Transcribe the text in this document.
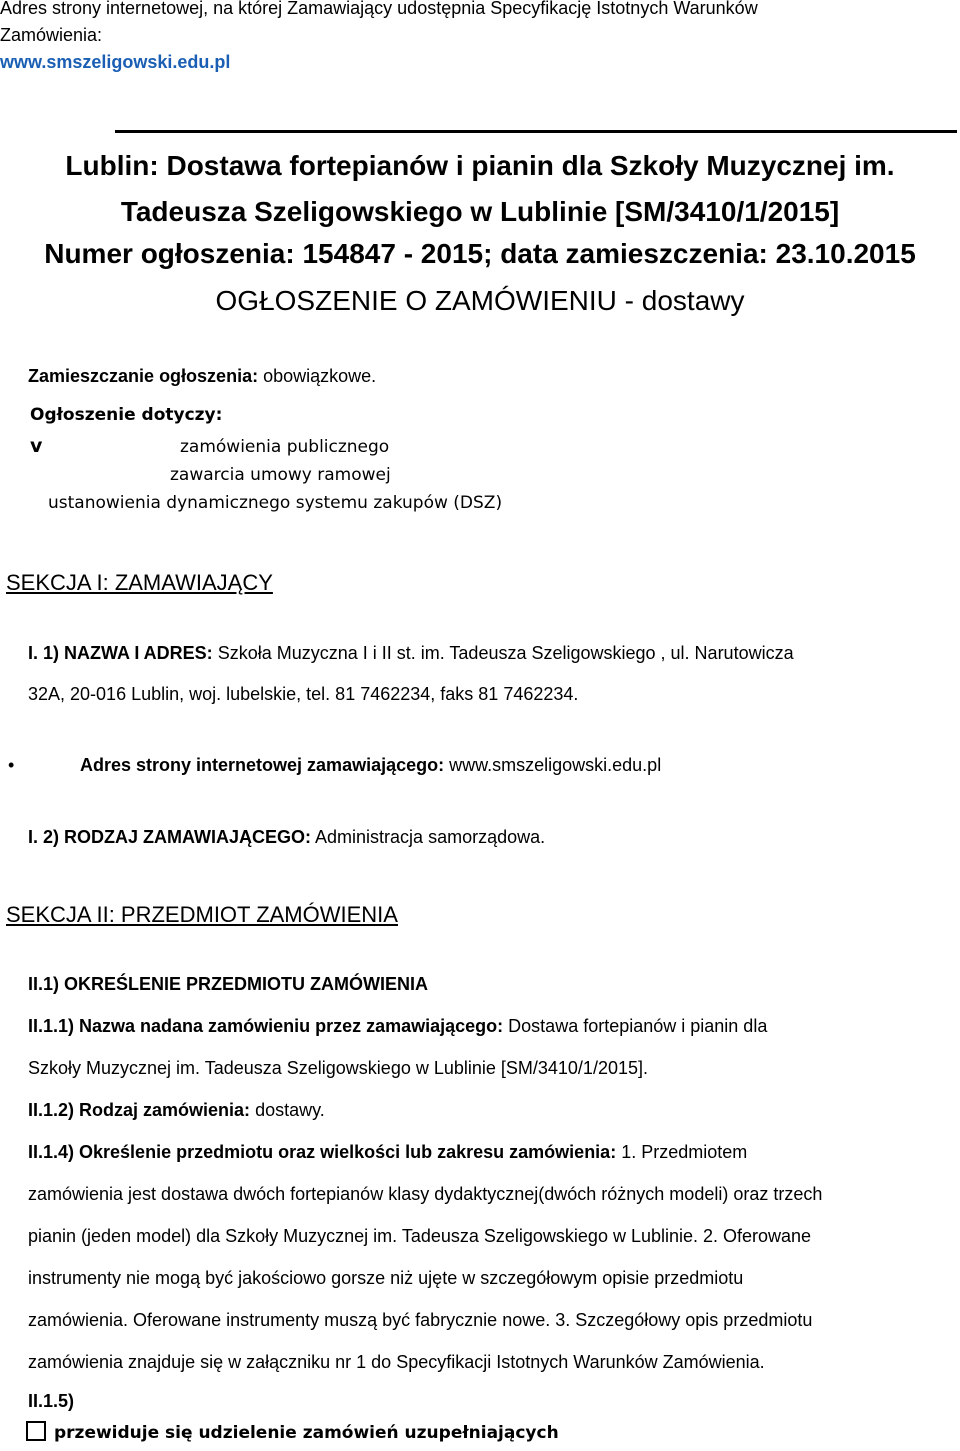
Adres strony internetowej, na której Zamawiający udostępnia Specyfikację Istotnych Warunków
Zamówienia:
www.smszeligowski.edu.pl
Lublin: Dostawa fortepianów i pianin dla Szkoły Muzycznej im.
Tadeusza Szeligowskiego w Lublinie [SM/3410/1/2015]
Numer ogłoszenia: 154847 - 2015; data zamieszczenia: 23.10.2015
OGŁOSZENIE O ZAMÓWIENIU - dostawy
Zamieszczanie ogłoszenia: obowiązkowe.
Ogłoszenie dotyczy:
v	zamówienia publicznego
zawarcia umowy ramowej
ustanowienia dynamicznego systemu zakupów (DSZ)
SEKCJA I: ZAMAWIAJĄCY
I. 1) NAZWA I ADRES: Szkoła Muzyczna I i II st. im. Tadeusza Szeligowskiego , ul. Narutowicza
32A, 20-016 Lublin, woj. lubelskie, tel. 81 7462234, faks 81 7462234.
•	Adres strony internetowej zamawiającego: www.smszeligowski.edu.pl
I. 2) RODZAJ ZAMAWIAJĄCEGO: Administracja samorządowa.
SEKCJA II: PRZEDMIOT ZAMÓWIENIA
II.1) OKREŚLENIE PRZEDMIOTU ZAMÓWIENIA
II.1.1) Nazwa nadana zamówieniu przez zamawiającego: Dostawa fortepianów i pianin dla
Szkoły Muzycznej im. Tadeusza Szeligowskiego w Lublinie [SM/3410/1/2015].
II.1.2) Rodzaj zamówienia: dostawy.
II.1.4) Określenie przedmiotu oraz wielkości lub zakresu zamówienia: 1. Przedmiotem
zamówienia jest dostawa dwóch fortepianów klasy dydaktycznej(dwóch różnych modeli) oraz trzech
pianin (jeden model) dla Szkoły Muzycznej im. Tadeusza Szeligowskiego w Lublinie. 2. Oferowane
instrumenty nie mogą być jakościowo gorsze niż ujęte w szczegółowym opisie przedmiotu
zamówienia. Oferowane instrumenty muszą być fabrycznie nowe. 3. Szczegółowy opis przedmiotu
zamówienia znajduje się w załączniku nr 1 do Specyfikacji Istotnych Warunków Zamówienia.
II.1.5)
przewiduje się udzielenie zamówień uzupełniających
